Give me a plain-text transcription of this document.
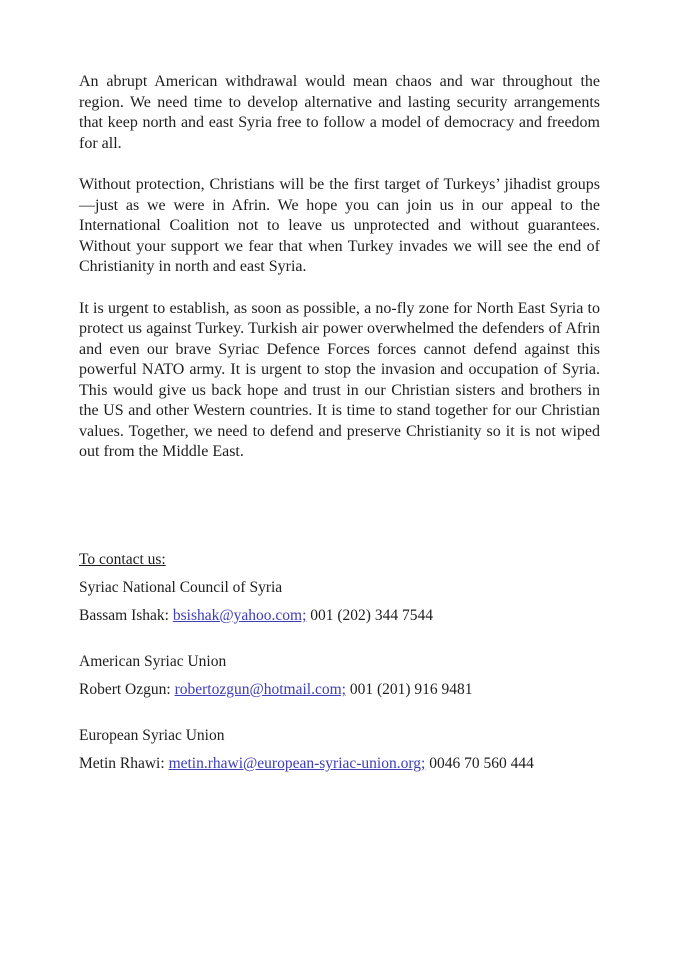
An abrupt American withdrawal would mean chaos and war throughout the region. We need time to develop alternative and lasting security arrangements that keep north and east Syria free to follow a model of democracy and freedom for all.

Without protection, Christians will be the first target of Turkeys’ jihadist groups—just as we were in Afrin. We hope you can join us in our appeal to the International Coalition not to leave us unprotected and without guarantees. Without your support we fear that when Turkey invades we will see the end of Christianity in north and east Syria.

It is urgent to establish, as soon as possible, a no-fly zone for North East Syria to protect us against Turkey. Turkish air power overwhelmed the defenders of Afrin and even our brave Syriac Defence Forces forces cannot defend against this powerful NATO army. It is urgent to stop the invasion and occupation of Syria. This would give us back hope and trust in our Christian sisters and brothers in the US and other Western countries. It is time to stand together for our Christian values. Together, we need to defend and preserve Christianity so it is not wiped out from the Middle East.

To contact us:

Syriac National Council of Syria

Bassam Ishak: bsishak@yahoo.com; 001 (202) 344 7544

American Syriac Union

Robert Ozgun: robertozgun@hotmail.com; 001 (201) 916 9481

European Syriac Union

Metin Rhawi: metin.rhawi@european-syriac-union.org; 0046 70 560 444
